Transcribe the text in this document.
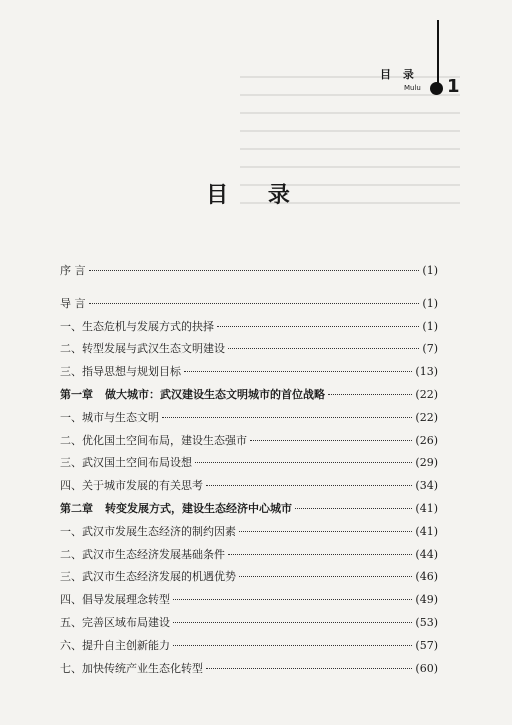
目 录
Mulu 1
目 录
序 言	(1)
导 言	(1)
一、生态危机与发展方式的抉择	(1)
二、转型发展与武汉生态文明建设	(7)
三、指导思想与规划目标	(13)
第一章 做大城市：武汉建设生态文明城市的首位战略	(22)
一、城市与生态文明	(22)
二、优化国土空间布局，建设生态强市	(26)
三、武汉国土空间布局设想	(29)
四、关于城市发展的有关思考	(34)
第二章 转变发展方式，建设生态经济中心城市	(41)
一、武汉市发展生态经济的制约因素	(41)
二、武汉市生态经济发展基础条件	(44)
三、武汉市生态经济发展的机遇优势	(46)
四、倡导发展理念转型	(49)
五、完善区域布局建设	(53)
六、提升自主创新能力	(57)
七、加快传统产业生态化转型	(60)
